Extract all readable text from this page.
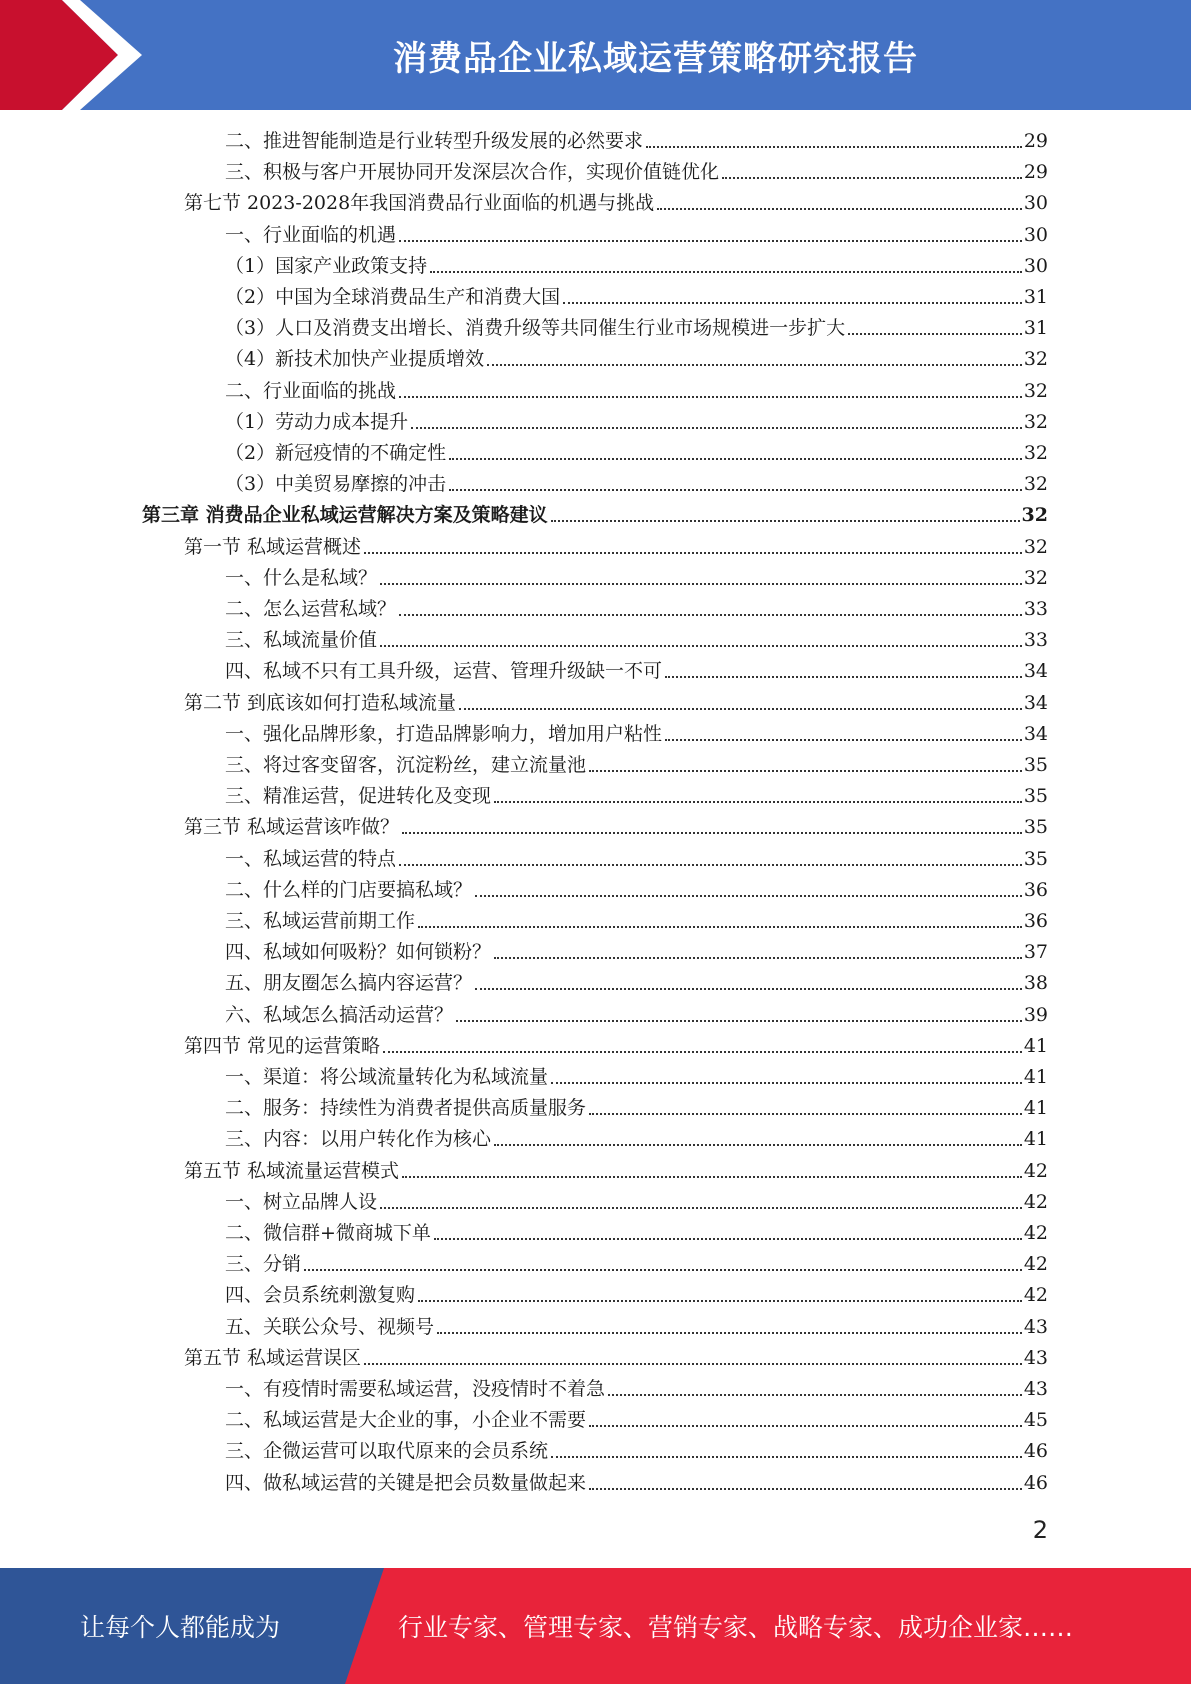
消费品企业私域运营策略研究报告
二、推进智能制造是行业转型升级发展的必然要求	29
三、积极与客户开展协同开发深层次合作，实现价值链优化	29
第七节 2023-2028年我国消费品行业面临的机遇与挑战	30
一、行业面临的机遇	30
（1）国家产业政策支持	30
（2）中国为全球消费品生产和消费大国	31
（3）人口及消费支出增长、消费升级等共同催生行业市场规模进一步扩大	31
（4）新技术加快产业提质增效	32
二、行业面临的挑战	32
（1）劳动力成本提升	32
（2）新冠疫情的不确定性	32
（3）中美贸易摩擦的冲击	32
第三章 消费品企业私域运营解决方案及策略建议	32
第一节 私域运营概述	32
一、什么是私域？	32
二、怎么运营私域？	33
三、私域流量价值	33
四、私域不只有工具升级，运营、管理升级缺一不可	34
第二节 到底该如何打造私域流量	34
一、强化品牌形象，打造品牌影响力，增加用户粘性	34
三、将过客变留客，沉淀粉丝，建立流量池	35
三、精准运营，促进转化及变现	35
第三节 私域运营该咋做？	35
一、私域运营的特点	35
二、什么样的门店要搞私域？	36
三、私域运营前期工作	36
四、私域如何吸粉？如何锁粉？	37
五、朋友圈怎么搞内容运营？	38
六、私域怎么搞活动运营？	39
第四节 常见的运营策略	41
一、渠道：将公域流量转化为私域流量	41
二、服务：持续性为消费者提供高质量服务	41
三、内容：以用户转化作为核心	41
第五节 私域流量运营模式	42
一、树立品牌人设	42
二、微信群+微商城下单	42
三、分销	42
四、会员系统刺激复购	42
五、关联公众号、视频号	43
第五节 私域运营误区	43
一、有疫情时需要私域运营，没疫情时不着急	43
二、私域运营是大企业的事，小企业不需要	45
三、企微运营可以取代原来的会员系统	46
四、做私域运营的关键是把会员数量做起来	46
2
让每个人都能成为	行业专家、管理专家、营销专家、战略专家、成功企业家……
